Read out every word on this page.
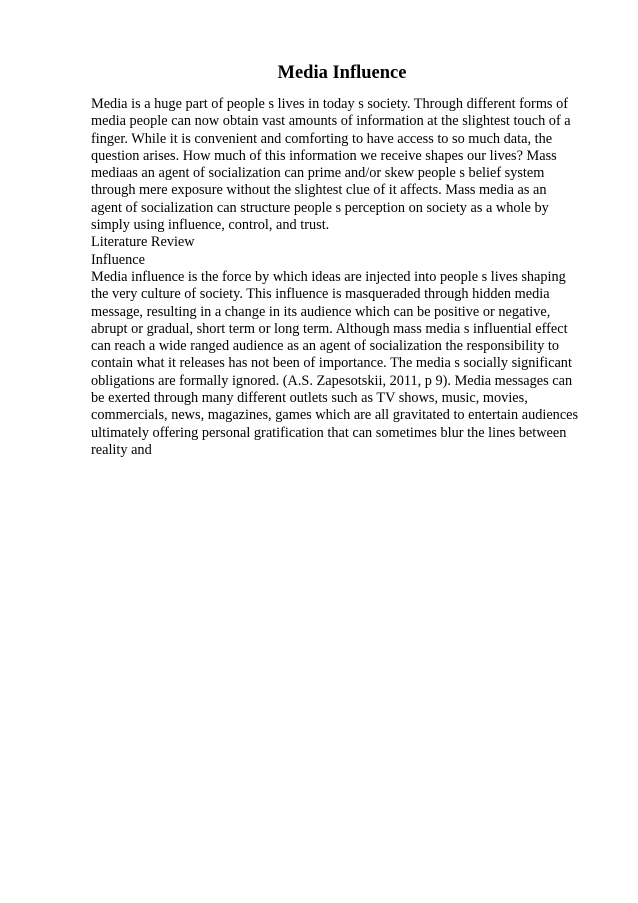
Media Influence
Media is a huge part of people s lives in today s society. Through different forms of
media people can now obtain vast amounts of information at the slightest touch of a
finger. While it is convenient and comforting to have access to so much data, the
question arises. How much of this information we receive shapes our lives? Mass
mediaas an agent of socialization can prime and/or skew people s belief system
through mere exposure without the slightest clue of it affects. Mass media as an
agent of socialization can structure people s perception on society as a whole by
simply using influence, control, and trust.
Literature Review
Influence
Media influence is the force by which ideas are injected into people s lives shaping
the very culture of society. This influence is masqueraded through hidden media
message, resulting in a change in its audience which can be positive or negative,
abrupt or gradual, short term or long term. Although mass media s influential effect
can reach a wide ranged audience as an agent of socialization the responsibility to
contain what it releases has not been of importance. The media s socially significant
obligations are formally ignored. (A.S. Zapesotskii, 2011, p 9). Media messages can
be exerted through many different outlets such as TV shows, music, movies,
commercials, news, magazines, games which are all gravitated to entertain audiences
ultimately offering personal gratification that can sometimes blur the lines between
reality and
